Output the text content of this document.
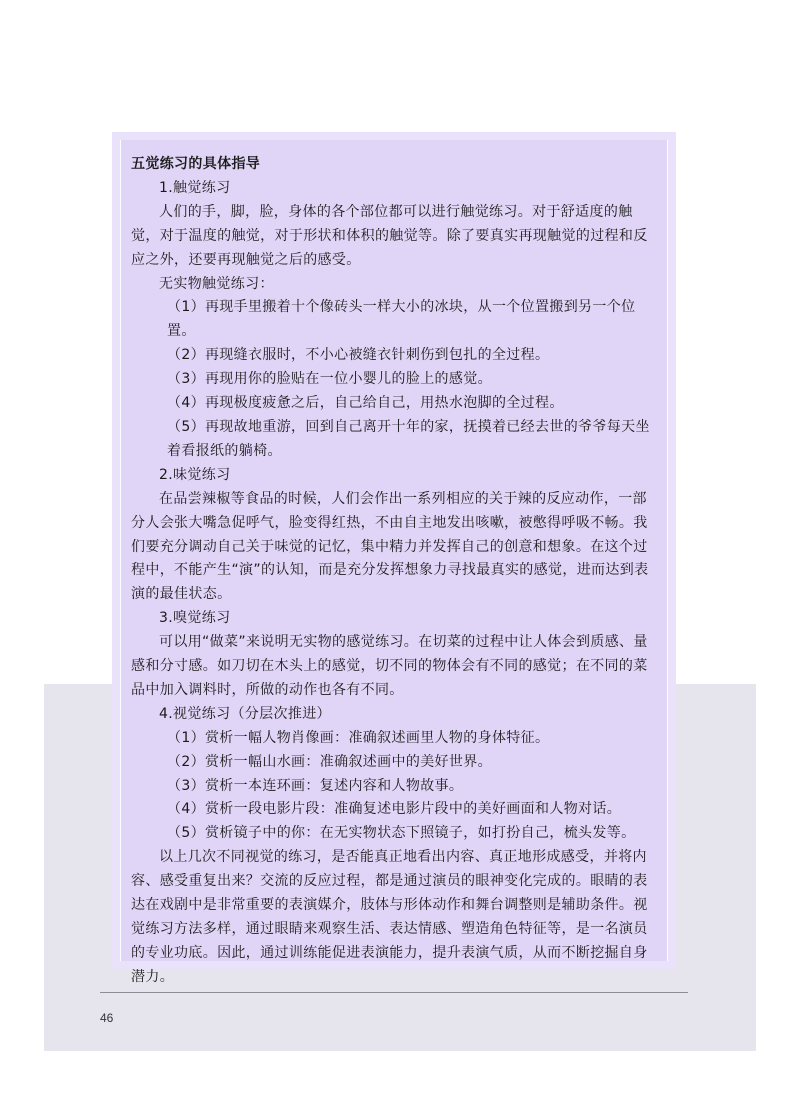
五觉练习的具体指导

1.触觉练习

人们的手，脚，脸，身体的各个部位都可以进行触觉练习。对于舒适度的触觉，对于温度的触觉，对于形状和体积的触觉等。除了要真实再现触觉的过程和反应之外，还要再现触觉之后的感受。

无实物触觉练习：

（1）再现手里搬着十个像砖头一样大小的冰块，从一个位置搬到另一个位置。

（2）再现缝衣服时，不小心被缝衣针刺伤到包扎的全过程。

（3）再现用你的脸贴在一位小婴儿的脸上的感觉。

（4）再现极度疲惫之后，自己给自己，用热水泡脚的全过程。

（5）再现故地重游，回到自己离开十年的家，抚摸着已经去世的爷爷每天坐着看报纸的躺椅。

2.味觉练习

在品尝辣椒等食品的时候，人们会作出一系列相应的关于辣的反应动作，一部分人会张大嘴急促呼气，脸变得红热，不由自主地发出咳嗽，被憋得呼吸不畅。我们要充分调动自己关于味觉的记忆，集中精力并发挥自己的创意和想象。在这个过程中，不能产生“演”的认知，而是充分发挥想象力寻找最真实的感觉，进而达到表演的最佳状态。

3.嗅觉练习

可以用“做菜”来说明无实物的感觉练习。在切菜的过程中让人体会到质感、量感和分寸感。如刀切在木头上的感觉，切不同的物体会有不同的感觉；在不同的菜品中加入调料时，所做的动作也各有不同。

4.视觉练习（分层次推进）

（1）赏析一幅人物肖像画：准确叙述画里人物的身体特征。

（2）赏析一幅山水画：准确叙述画中的美好世界。

（3）赏析一本连环画：复述内容和人物故事。

（4）赏析一段电影片段：准确复述电影片段中的美好画面和人物对话。

（5）赏析镜子中的你：在无实物状态下照镜子，如打扮自己，梳头发等。

以上几次不同视觉的练习，是否能真正地看出内容、真正地形成感受，并将内容、感受重复出来？交流的反应过程，都是通过演员的眼神变化完成的。眼睛的表达在戏剧中是非常重要的表演媒介，肢体与形体动作和舞台调整则是辅助条件。视觉练习方法多样，通过眼睛来观察生活、表达情感、塑造角色特征等，是一名演员的专业功底。因此，通过训练能促进表演能力，提升表演气质，从而不断挖掘自身潜力。

46
